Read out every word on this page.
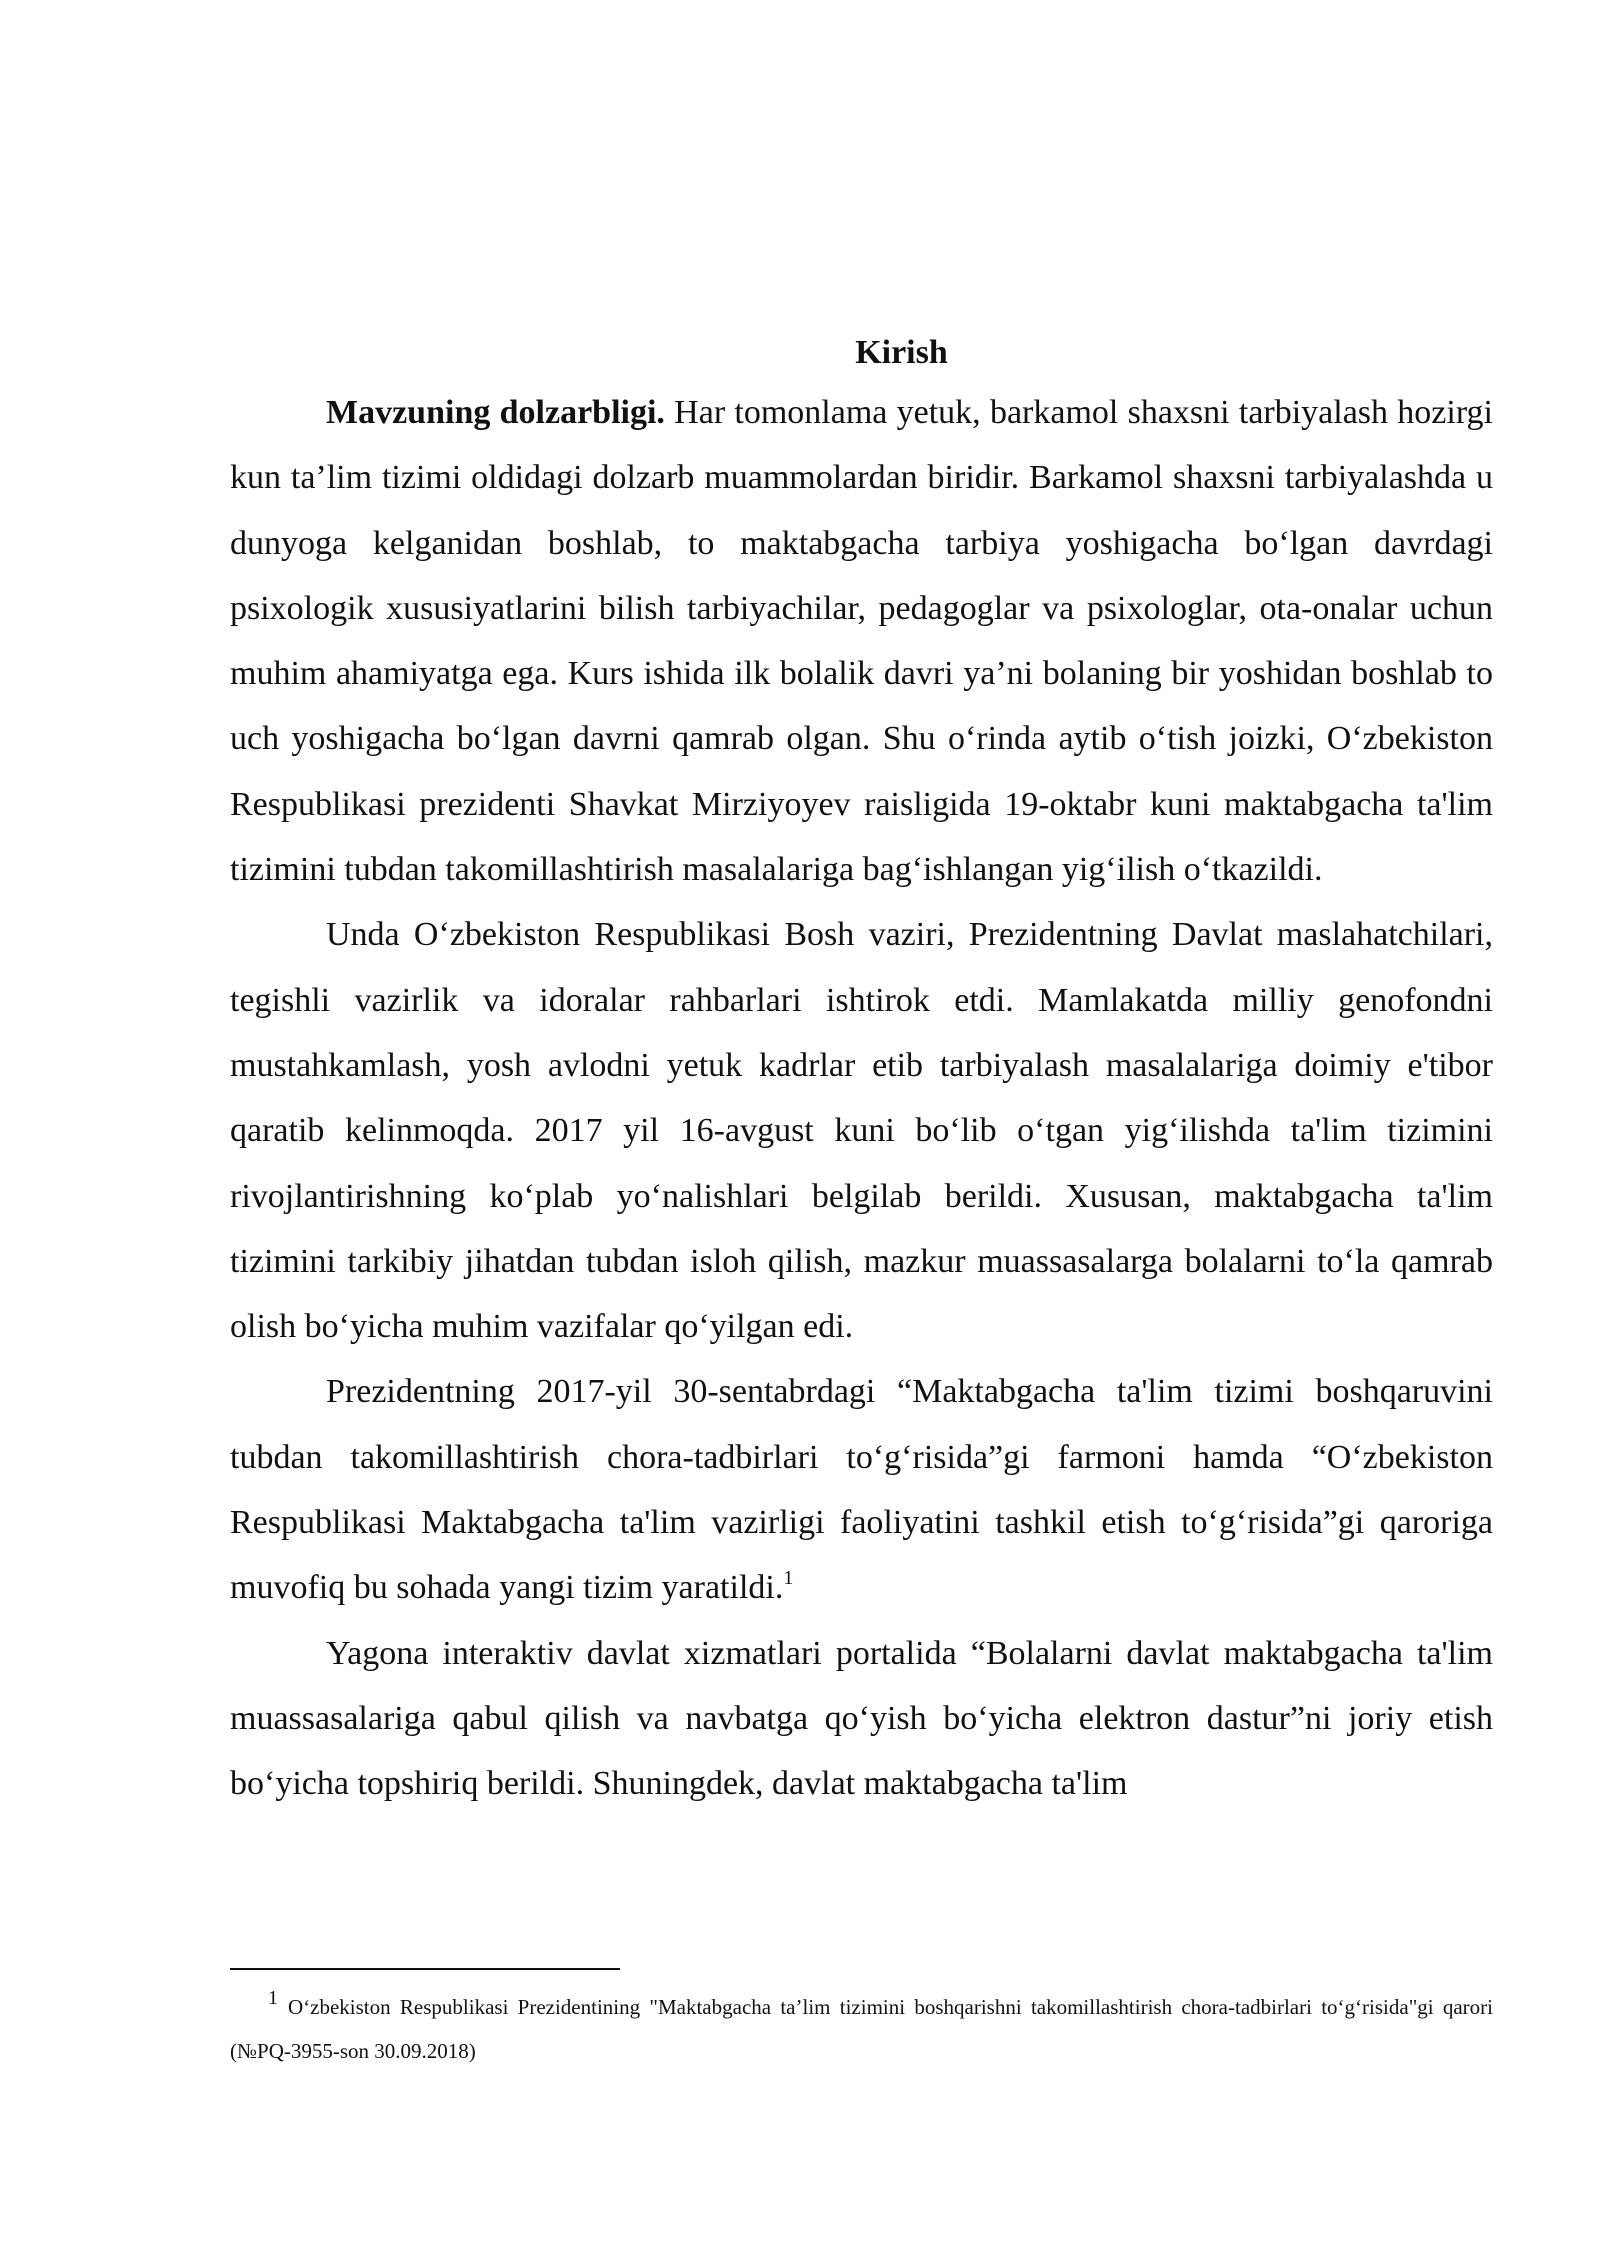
Kirish

Mavzuning dolzarbligi. Har tomonlama yetuk, barkamol shaxsni tarbiyalash hozirgi kun ta’lim tizimi oldidagi dolzarb muammolardan biridir. Barkamol shaxsni tarbiyalashda u dunyoga kelganidan boshlab, to maktabgacha tarbiya yoshigacha bo‘lgan davrdagi psixologik xususiyatlarini bilish tarbiyachilar, pedagoglar va psixologlar, ota-onalar uchun muhim ahamiyatga ega. Kurs ishida ilk bolalik davri ya’ni bolaning bir yoshidan boshlab to uch yoshigacha bo‘lgan davrni qamrab olgan. Shu o‘rinda aytib o‘tish joizki, O‘zbekiston Respublikasi prezidenti Shavkat Mirziyoyev raisligida 19-oktabr kuni maktabgacha ta'lim tizimini tubdan takomillashtirish masalalariga bag‘ishlangan yig‘ilish o‘tkazildi.

Unda O‘zbekiston Respublikasi Bosh vaziri, Prezidentning Davlat maslahatchilari, tegishli vazirlik va idoralar rahbarlari ishtirok etdi. Mamlakatda milliy genofondni mustahkamlash, yosh avlodni yetuk kadrlar etib tarbiyalash masalalariga doimiy e'tibor qaratib kelinmoqda. 2017 yil 16-avgust kuni bo‘lib o‘tgan yig‘ilishda ta'lim tizimini rivojlantirishning ko‘plab yo‘nalishlari belgilab berildi. Xususan, maktabgacha ta'lim tizimini tarkibiy jihatdan tubdan isloh qilish, mazkur muassasalarga bolalarni to‘la qamrab olish bo‘yicha muhim vazifalar qo‘yilgan edi.

Prezidentning 2017-yil 30-sentabrdagi “Maktabgacha ta'lim tizimi boshqaruvini tubdan takomillashtirish chora-tadbirlari to‘g‘risida”gi farmoni hamda “O‘zbekiston Respublikasi Maktabgacha ta'lim vazirligi faoliyatini tashkil etish to‘g‘risida”gi qaroriga muvofiq bu sohada yangi tizim yaratildi.$^1$

Yagona interaktiv davlat xizmatlari portalida “Bolalarni davlat maktabgacha ta'lim muassasalariga qabul qilish va navbatga qo‘yish bo‘yicha elektron dastur”ni joriy etish bo‘yicha topshiriq berildi. Shuningdek, davlat maktabgacha ta'lim

$^1$ O‘zbekiston Respublikasi Prezidentining "Maktabgacha ta’lim tizimini boshqarishni takomillashtirish chora-tadbirlari to‘g‘risida"gi qarori (№PQ-3955-son 30.09.2018)
